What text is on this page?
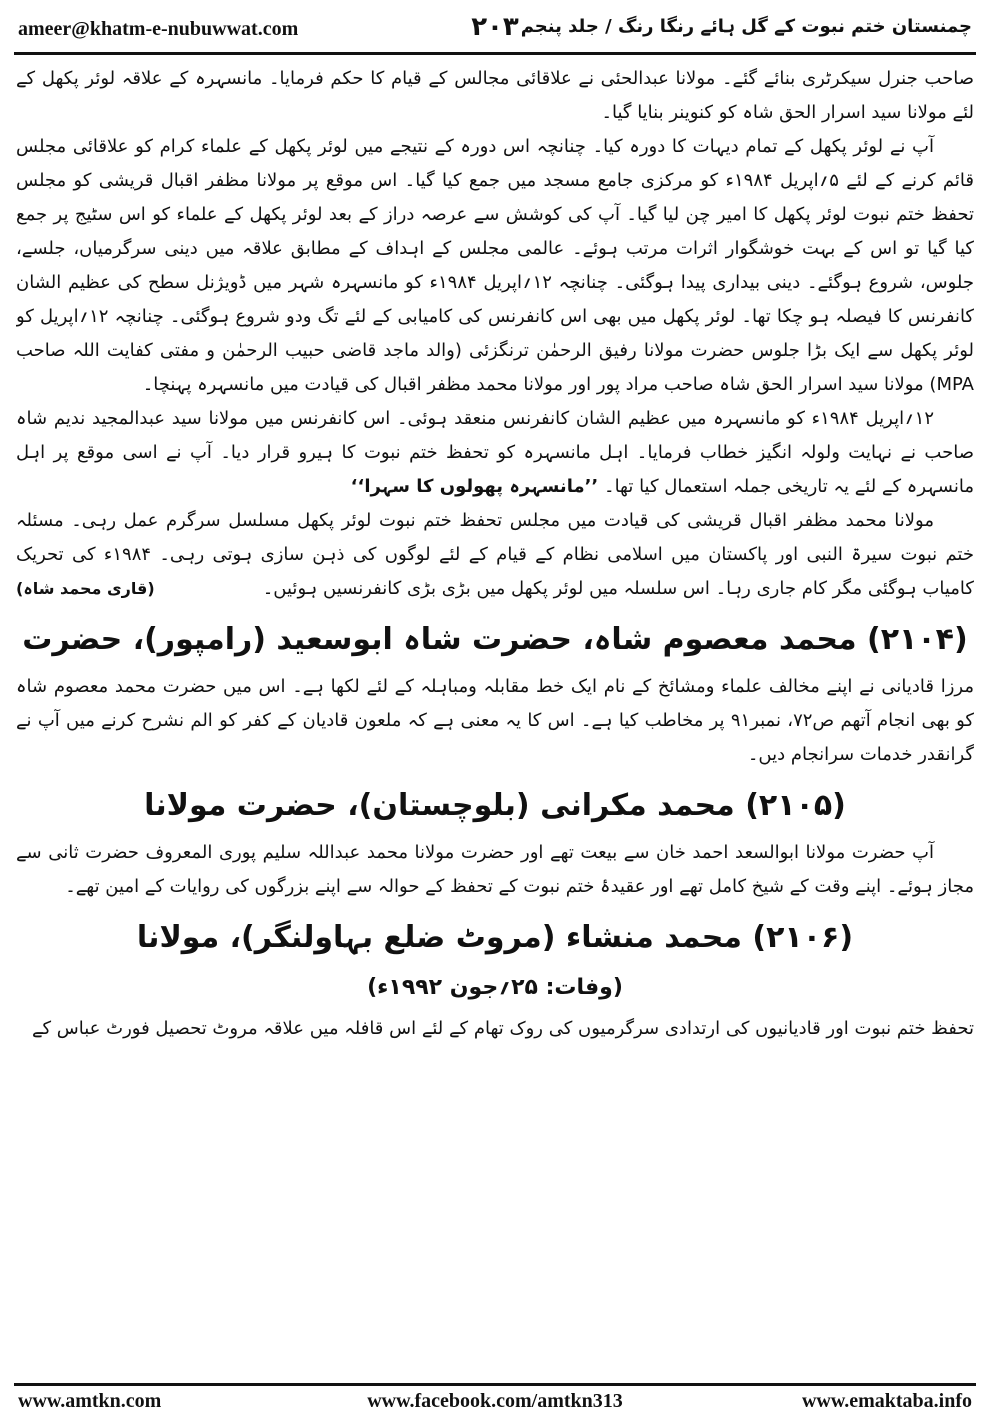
ameer@khatm-e-nubuwwat.com	۲۰۳ چمنستان ختم نبوت کے گل ہائے رنگا رنگ / جلد پنجم

صاحب جنرل سیکرٹری بنائے گئے۔ مولانا عبدالحئی نے علاقائی مجالس کے قیام کا حکم فرمایا۔ مانسہرہ کے علاقہ لوئر پکھل کے لئے مولانا سید اسرار الحق شاہ کو کنوینر بنایا گیا۔

آپ نے لوئر پکھل کے تمام دیہات کا دورہ کیا۔ چنانچہ اس دورہ کے نتیجے میں لوئر پکھل کے علماء کرام کو علاقائی مجلس قائم کرنے کے لئے ۵؍اپریل ۱۹۸۴ء کو مرکزی جامع مسجد میں جمع کیا گیا۔ اس موقع پر مولانا مظفر اقبال قریشی کو مجلس تحفظ ختم نبوت لوئر پکھل کا امیر چن لیا گیا۔ آپ کی کوشش سے عرصہ دراز کے بعد لوئر پکھل کے علماء کو اس سٹیج پر جمع کیا گیا تو اس کے بہت خوشگوار اثرات مرتب ہوئے۔ عالمی مجلس کے اہداف کے مطابق علاقہ میں دینی سرگرمیاں، جلسے، جلوس، شروع ہوگئے۔ دینی بیداری پیدا ہوگئی۔ چنانچہ ۱۲؍اپریل ۱۹۸۴ء کو مانسہرہ شہر میں ڈویژنل سطح کی عظیم الشان کانفرنس کا فیصلہ ہو چکا تھا۔ لوئر پکھل میں بھی اس کانفرنس کی کامیابی کے لئے تگ ودو شروع ہوگئی۔ چنانچہ ۱۲؍اپریل کو لوئر پکھل سے ایک بڑا جلوس حضرت مولانا رفیق الرحمٰن ترنگزئی (والد ماجد قاضی حبیب الرحمٰن و مفتی کفایت اللہ صاحب MPA) مولانا سید اسرار الحق شاہ صاحب مراد پور اور مولانا محمد مظفر اقبال کی قیادت میں مانسہرہ پہنچا۔

۱۲؍اپریل ۱۹۸۴ء کو مانسہرہ میں عظیم الشان کانفرنس منعقد ہوئی۔ اس کانفرنس میں مولانا سید عبدالمجید ندیم شاہ صاحب نے نہایت ولولہ انگیز خطاب فرمایا۔ اہل مانسہرہ کو تحفظ ختم نبوت کا ہیرو قرار دیا۔ آپ نے اسی موقع پر اہل مانسہرہ کے لئے یہ تاریخی جملہ استعمال کیا تھا۔ ’’مانسہرہ پھولوں کا سہرا‘‘

مولانا محمد مظفر اقبال قریشی کی قیادت میں مجلس تحفظ ختم نبوت لوئر پکھل مسلسل سرگرم عمل رہی۔ مسئلہ ختم نبوت سیرۃ النبی اور پاکستان میں اسلامی نظام کے قیام کے لئے لوگوں کی ذہن سازی ہوتی رہی۔ ۱۹۸۴ء کی تحریک کامیاب ہوگئی مگر کام جاری رہا۔ اس سلسلہ میں لوئر پکھل میں بڑی بڑی کانفرنسیں ہوئیں۔
(قاری محمد شاہ)

(۲۱۰۴) محمد معصوم شاہ، حضرت شاہ ابوسعید (رامپور)، حضرت

مرزا قادیانی نے اپنے مخالف علماء ومشائخ کے نام ایک خط مقابلہ ومباہلہ کے لئے لکھا ہے۔ اس میں حضرت محمد معصوم شاہ کو بھی انجام آتھم ص۷۲، نمبر۹۱ پر مخاطب کیا ہے۔ اس کا یہ معنی ہے کہ ملعون قادیان کے کفر کو الم نشرح کرنے میں آپ نے گرانقدر خدمات سرانجام دیں۔

(۲۱۰۵) محمد مکرانی (بلوچستان)، حضرت مولانا

آپ حضرت مولانا ابوالسعد احمد خان سے بیعت تھے اور حضرت مولانا محمد عبداللہ سلیم پوری المعروف حضرت ثانی سے مجاز ہوئے۔ اپنے وقت کے شیخ کامل تھے اور عقیدۂ ختم نبوت کے تحفظ کے حوالہ سے اپنے بزرگوں کی روایات کے امین تھے۔

(۲۱۰۶) محمد منشاء (مروٹ ضلع بہاولنگر)، مولانا
(وفات: ۲۵؍جون ۱۹۹۲ء)

تحفظ ختم نبوت اور قادیانیوں کی ارتدادی سرگرمیوں کی روک تھام کے لئے اس قافلہ میں علاقہ مروٹ تحصیل فورٹ عباس کے

www.amtkn.com	www.facebook.com/amtkn313	www.emaktaba.info
